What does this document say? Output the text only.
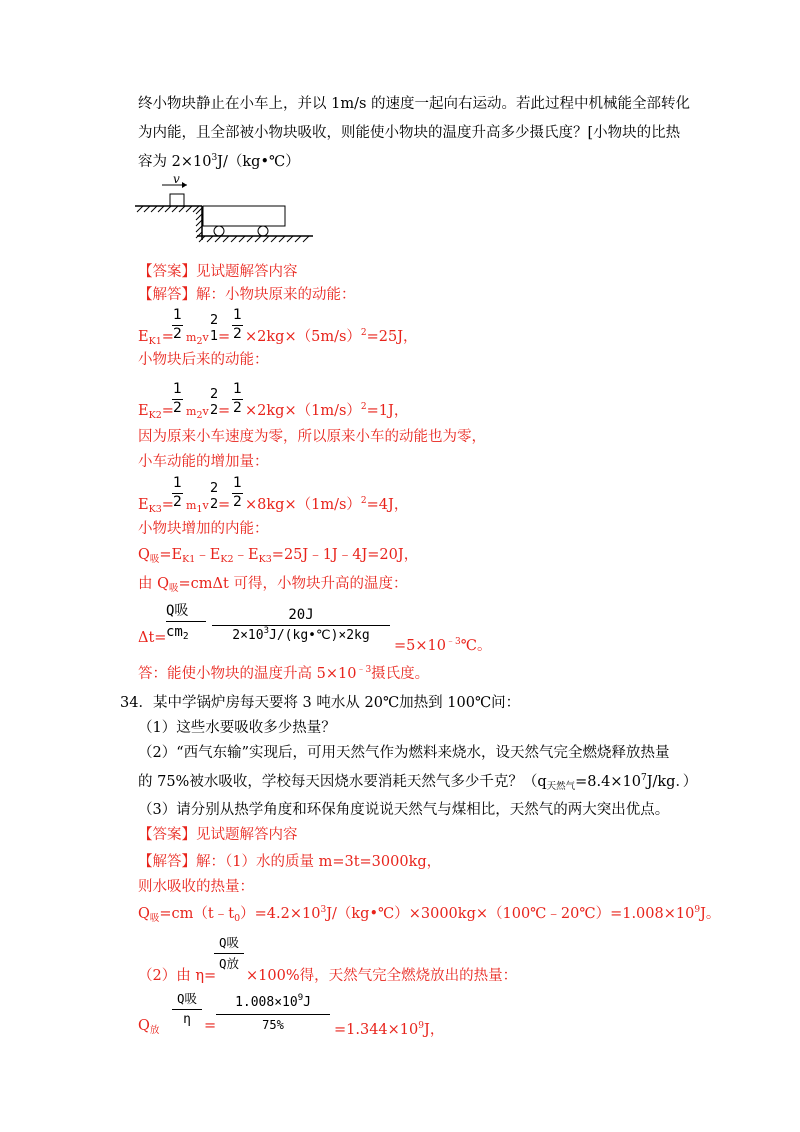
终小物块静止在小车上，并以 1m/s 的速度一起向右运动。若此过程中机械能全部转化
为内能，且全部被小物块吸收，则能使小物块的温度升高多少摄氏度？[小物块的比热
容为 $2\times 10^3J/(kg•℃)$
v
【答案】见试题解答内容
【解答】解：小物块原来的动能：
$E_{K1}=$
1
2 $m_2v$
2
1 =
1
$2 \times 2kg\times(5m/s)^2=25J$，
小物块后来的动能：
$E_{K2}=$
1
2 $m_2v$
2
2 =
1
$2 \times 2kg\times(1m/s)^2=1J$，
因为原来小车速度为零，所以原来小车的动能也为零，
小车动能的增加量：
$E_{K3}=$
1
2 $m_1v$
2
2 =
1
$2 \times 8kg\times(1m/s)^2=4J$，
小物块增加的内能：
$Q_吸=E_{K1}﹣E_{K2}﹣E_{K3}=25J﹣1J﹣4J=20J$，
由 $Q_吸=cm\Delta t$ 可得，小物块升高的温度：
Δt=
Q吸
$cm_2$
20J
$2\times 10^3J/(kg•℃)\times 2kg$
$=5\times 10^{﹣3}℃$。
答：能使小物块的温度升高 $5\times 10^{﹣3}$摄氏度。
34．某中学锅炉房每天要将 3 吨水从 20℃加热到 100℃问：
（1）这些水要吸收多少热量？
（2）“西气东输”实现后，可用天然气作为燃料来烧水，设天然气完全燃烧释放热量
的 75%被水吸收，学校每天因烧水要消耗天然气多少千克？（$q_{天然气}=8.4\times 10^7J/kg$．）
（3）请分别从热学角度和环保角度说说天然气与煤相比，天然气的两大突出优点。
【答案】见试题解答内容
【解答】解：（1）水的质量 m=3t=3000kg，
则水吸收的热量：
$Q_吸=cm(t﹣t_0)=4.2\times 10^3J/(kg•℃)\times 3000kg\times(100℃﹣20℃)=1.008\times 10^9J$。
（2）由 η=
Q吸
Q放
×100%得，天然气完全燃烧放出的热量：
$Q_放$	=
Q吸
η
$1.008\times 10^9J$
75%	$=1.344\times 10^9J$，
